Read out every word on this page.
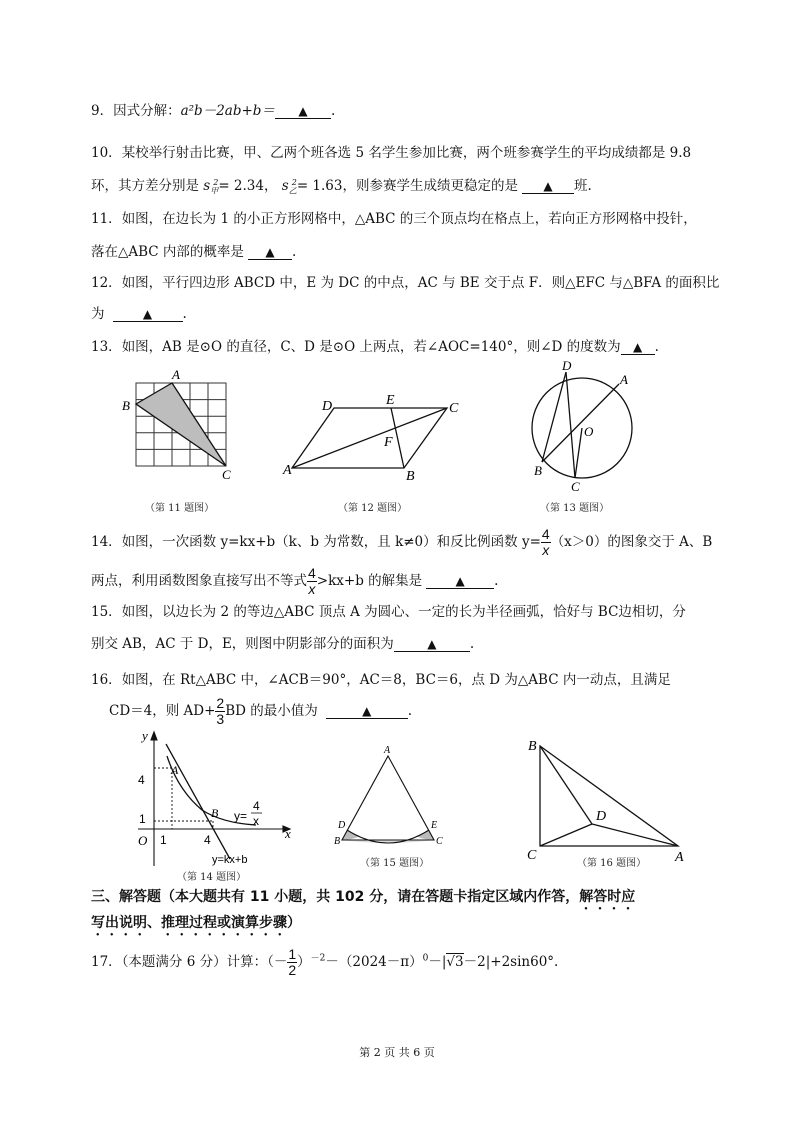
9．因式分解：a²b－2ab+b＝ ▲ .
10．某校举行射击比赛，甲、乙两个班各选 5 名学生参加比赛，两个班参赛学生的平均成绩都是 9.8
环，其方差分别是 $s_甲^2= 2.34$， $s_乙^2= 1.63$，则参赛学生成绩更稳定的是 ▲ 班.
11．如图，在边长为 1 的小正方形网格中，△ABC 的三个顶点均在格点上，若向正方形网格中投针，
落在△ABC 内部的概率是 ▲ .
12．如图，平行四边形 ABCD 中，E 为 DC 的中点，AC 与 BE 交于点 F．则△EFC 与△BFA 的面积比
为	▲ .
13．如图，AB 是⊙O 的直径，C、D 是⊙O 上两点，若∠AOC=140°，则∠D 的度数为 ▲ .
A
B
C
（第 11 题图）
D	E
C
F
A	B
（第 12 题图）
D
A
O
B
C
（第 13 题图）
14．如图，一次函数 y=kx+b（k、b 为常数，且 k≠0）和反比例函数 $y= \frac{4}{x} (x>0)$的图象交于 A、B
两点，利用函数图象直接写出不等式 $\frac{4}{x} >kx+b$ 的解集是	▲ .
15．如图，以边长为 2 的等边△ABC 顶点 A 为圆心、一定的长为半径画弧，恰好与 BC边相切，分
别交 AB，AC 于 D，E，则图中阴影部分的面积为	▲ .
16．如图，在 Rt△ABC 中，∠ACB＝90°，AC＝8，BC＝6，点 D 为△ABC 内一动点，且满足
CD＝4，则 $AD+ \frac{2}{3}$ BD 的最小值为	▲	.
y
x
O
4
1
1	4
A
B y=
4
x
y=kx+b
（第 14 题图）
A
D	E
B	C
（第 15 题图）
B
D
C	A
（第 16 题图）
三、解答题（本大题共有 11 小题，共 102 分，请在答题卡指定区域内作答，解答时应
写出说明、推理过程或演算步骤）
17．（本题满分 6 分）计算：（－ $\frac{1}{2} )^{-2}-(2024-\pi)^0-|√3-2|+2\sin 60^\circ$.
第 2 页 共 6 页
